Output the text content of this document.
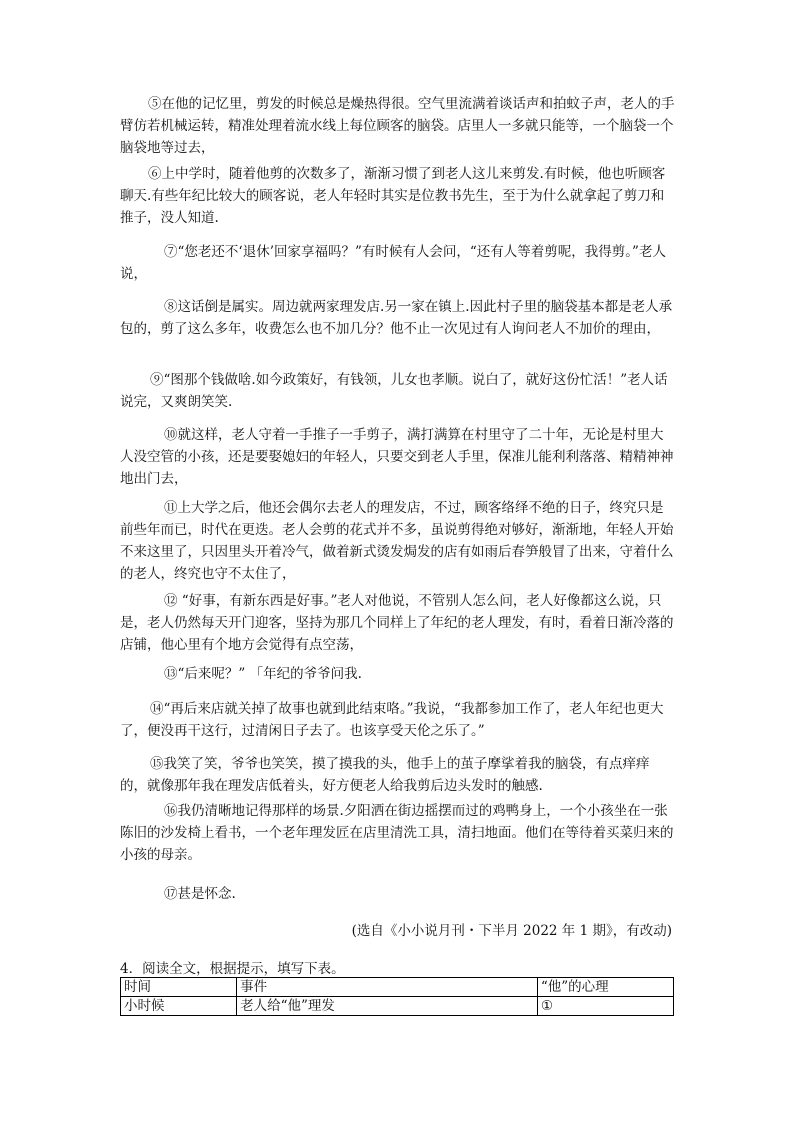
⑤在他的记忆里，剪发的时候总是燥热得很。空气里流满着谈话声和拍蚊子声，老人的手臂仿若机械运转，精准处理着流水线上每位顾客的脑袋。店里人一多就只能等，一个脑袋一个脑袋地等过去，

⑥上中学时，随着他剪的次数多了，渐渐习惯了到老人这儿来剪发.有时候，他也听顾客聊天.有些年纪比较大的顾客说，老人年轻时其实是位教书先生，至于为什么就拿起了剪刀和推子，没人知道.

⑦“您老还不‘退休’回家享福吗？”有时候有人会问，“还有人等着剪呢，我得剪。”老人说，

⑧这话倒是属实。周边就两家理发店.另一家在镇上.因此村子里的脑袋基本都是老人承包的，剪了这么多年，收费怎么也不加几分？他不止一次见过有人询问老人不加价的理由，

⑨“图那个钱做啥.如今政策好，有钱领，儿女也孝顺。说白了，就好这份忙活！”老人话说完，又爽朗笑笑.

⑩就这样，老人守着一手推子一手剪子，满打满算在村里守了二十年，无论是村里大人没空管的小孩，还是要娶媳妇的年轻人，只要交到老人手里，保准儿能利利落落、精精神神地出门去，

⑪上大学之后，他还会偶尔去老人的理发店，不过，顾客络绎不绝的日子，终究只是前些年而已，时代在更迭。老人会剪的花式并不多，虽说剪得绝对够好，渐渐地，年轻人开始不来这里了，只因里头开着冷气，做着新式烫发焗发的店有如雨后春笋般冒了出来，守着什么的老人，终究也守不太住了，

⑫ “好事，有新东西是好事。”老人对他说，不管别人怎么问，老人好像都这么说，只是，老人仍然每天开门迎客，坚持为那几个同样上了年纪的老人理发，有时，看着日渐冷落的店铺，他心里有个地方会觉得有点空荡，

⑬“后来呢？” 「年纪的爷爷问我.

⑭“再后来店就关掉了故事也就到此结束咯。”我说，“我都参加工作了，老人年纪也更大了，便没再干这行，过清闲日子去了。也该享受天伦之乐了。”

⑮我笑了笑，爷爷也笑笑，摸了摸我的头，他手上的茧子摩挲着我的脑袋，有点痒痒的，就像那年我在理发店低着头，好方便老人给我剪后边头发时的触感.

⑯我仍清晰地记得那样的场景.夕阳洒在街边摇摆而过的鸡鸭身上，一个小孩坐在一张陈旧的沙发椅上看书，一个老年理发匠在店里清洗工具，清扫地面。他们在等待着买菜归来的小孩的母亲。

⑰甚是怀念.

(选自《小小说月刊・下半月 2022 年 1 期》，有改动)
4．阅读全文，根据提示，填写下表。
时间	事件	“他”的心理
小时候	老人给“他”理发	①
